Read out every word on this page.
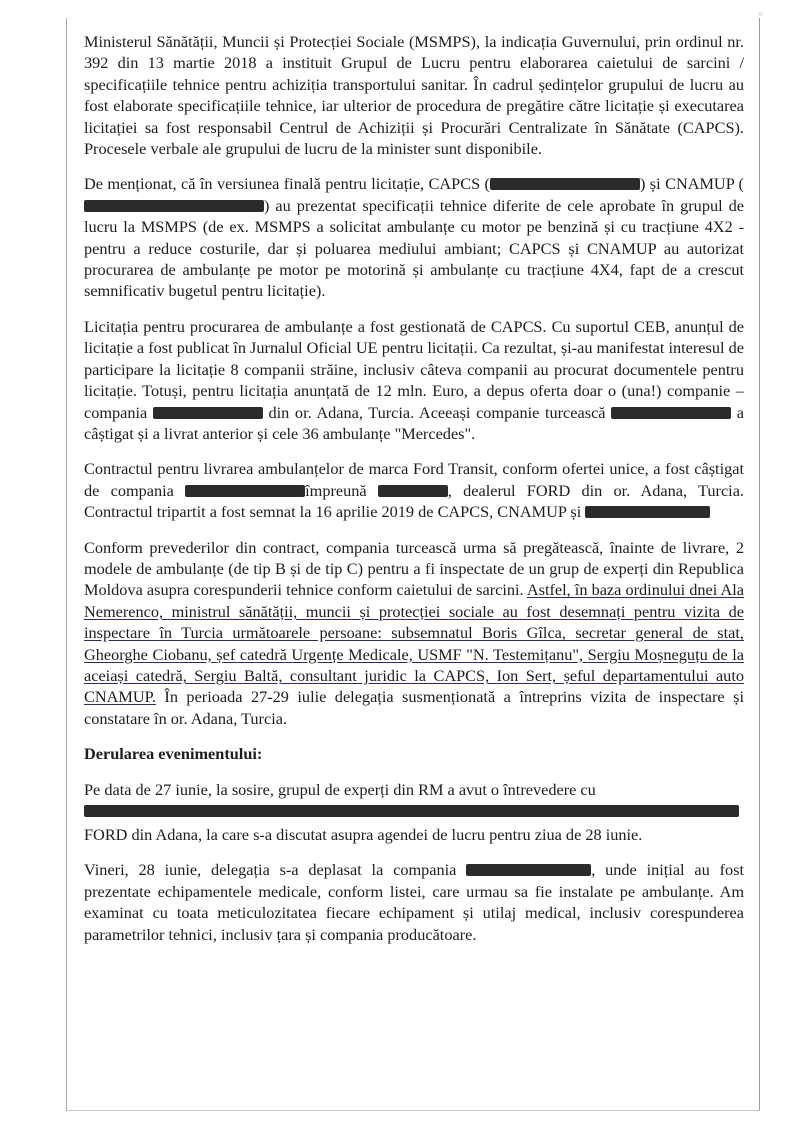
°

Ministerul Sănătății, Muncii și Protecției Sociale (MSMPS), la indicația Guvernului, prin ordinul nr. 392 din 13 martie 2018 a instituit Grupul de Lucru pentru elaborarea caietului de sarcini / specificațiile tehnice pentru achiziția transportului sanitar. În cadrul ședințelor grupului de lucru au fost elaborate specificațiile tehnice, iar ulterior de procedura de pregătire către licitație și executarea licitației sa fost responsabil Centrul de Achiziții și Procurări Centralizate în Sănătate (CAPCS). Procesele verbale ale grupului de lucru de la minister sunt disponibile.

De menționat, că în versiunea finală pentru licitație, CAPCS (	) și CNAMUP () au prezentat specificații tehnice diferite de cele aprobate în grupul de lucru la MSMPS (de ex. MSMPS a solicitat ambulanțe cu motor pe benzină și cu tracțiune 4X2 - pentru a reduce costurile, dar și poluarea mediului ambiant; CAPCS și CNAMUP au autorizat procurarea de ambulanțe pe motor pe motorină și ambulanțe cu tracțiune 4X4, fapt de a crescut semnificativ bugetul pentru licitație).

Licitația pentru procurarea de ambulanțe a fost gestionată de CAPCS. Cu suportul CEB, anunțul de licitație a fost publicat în Jurnalul Oficial UE pentru licitații. Ca rezultat, și-au manifestat interesul de participare la licitație 8 companii străine, inclusiv câteva companii au procurat documentele pentru licitație. Totuși, pentru licitația anunțată de 12 mln. Euro, a depus oferta doar o (una!) companie – compania	din or. Adana, Turcia. Aceeași companie turcească	a câștigat și a livrat anterior și cele 36 ambulanțe "Mercedes".

Contractul pentru livrarea ambulanțelor de marca Ford Transit, conform ofertei unice, a fost câștigat de compania	împreună	, dealerul FORD din or. Adana, Turcia. Contractul tripartit a fost semnat la 16 aprilie 2019 de CAPCS, CNAMUP și

Conform prevederilor din contract, compania turcească urma să pregătească, înainte de livrare, 2 modele de ambulanțe (de tip B și de tip C) pentru a fi inspectate de un grup de experți din Republica Moldova asupra corespunderii tehnice conform caietului de sarcini. Astfel, în baza ordinului dnei Ala Nemerenco, ministrul sănătății, muncii și protecției sociale au fost desemnați pentru vizita de inspectare în Turcia următoarele persoane: subsemnatul Boris Gîlca, secretar general de stat, Gheorghe Ciobanu, șef catedră Urgențe Medicale, USMF "N. Testemițanu", Sergiu Moșneguțu de la aceiași catedră, Sergiu Baltă, consultant juridic la CAPCS, Ion Sert, șeful departamentului auto CNAMUP. În perioada 27-29 iulie delegația susmenționată a întreprins vizita de inspectare și constatare în or. Adana, Turcia.

Derularea evenimentului:

Pe data de 27 iunie, la sosire, grupul de experți din RM a avut o întrevedere cu
FORD din Adana, la care s-a discutat asupra agendei de lucru pentru ziua de 28 iunie.

Vineri, 28 iunie, delegația s-a deplasat la compania	, unde inițial au fost prezentate echipamentele medicale, conform listei, care urmau sa fie instalate pe ambulanțe. Am examinat cu toata meticulozitatea fiecare echipament și utilaj medical, inclusiv corespunderea parametrilor tehnici, inclusiv țara și compania producătoare.
